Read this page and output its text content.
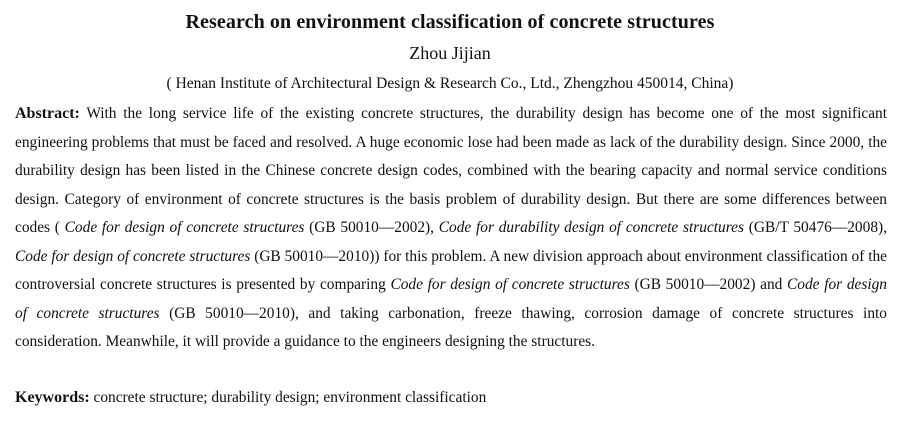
Research on environment classification of concrete structures
Zhou Jijian
( Henan Institute of Architectural Design & Research Co., Ltd., Zhengzhou 450014, China)
Abstract: With the long service life of the existing concrete structures, the durability design has become one of the most significant engineering problems that must be faced and resolved. A huge economic lose had been made as lack of the durability design. Since 2000, the durability design has been listed in the Chinese concrete design codes, combined with the bearing capacity and normal service conditions design. Category of environment of concrete structures is the basis problem of durability design. But there are some differences between codes ( Code for design of concrete structures (GB 50010—2002), Code for durability design of concrete structures (GB/T 50476—2008), Code for design of concrete structures (GB 50010—2010)) for this problem. A new division approach about environment classification of the controversial concrete structures is presented by comparing Code for design of concrete structures (GB 50010—2002) and Code for design of concrete structures (GB 50010—2010), and taking carbonation, freeze thawing, corrosion damage of concrete structures into consideration. Meanwhile, it will provide a guidance to the engineers designing the structures.
Keywords: concrete structure; durability design; environment classification
